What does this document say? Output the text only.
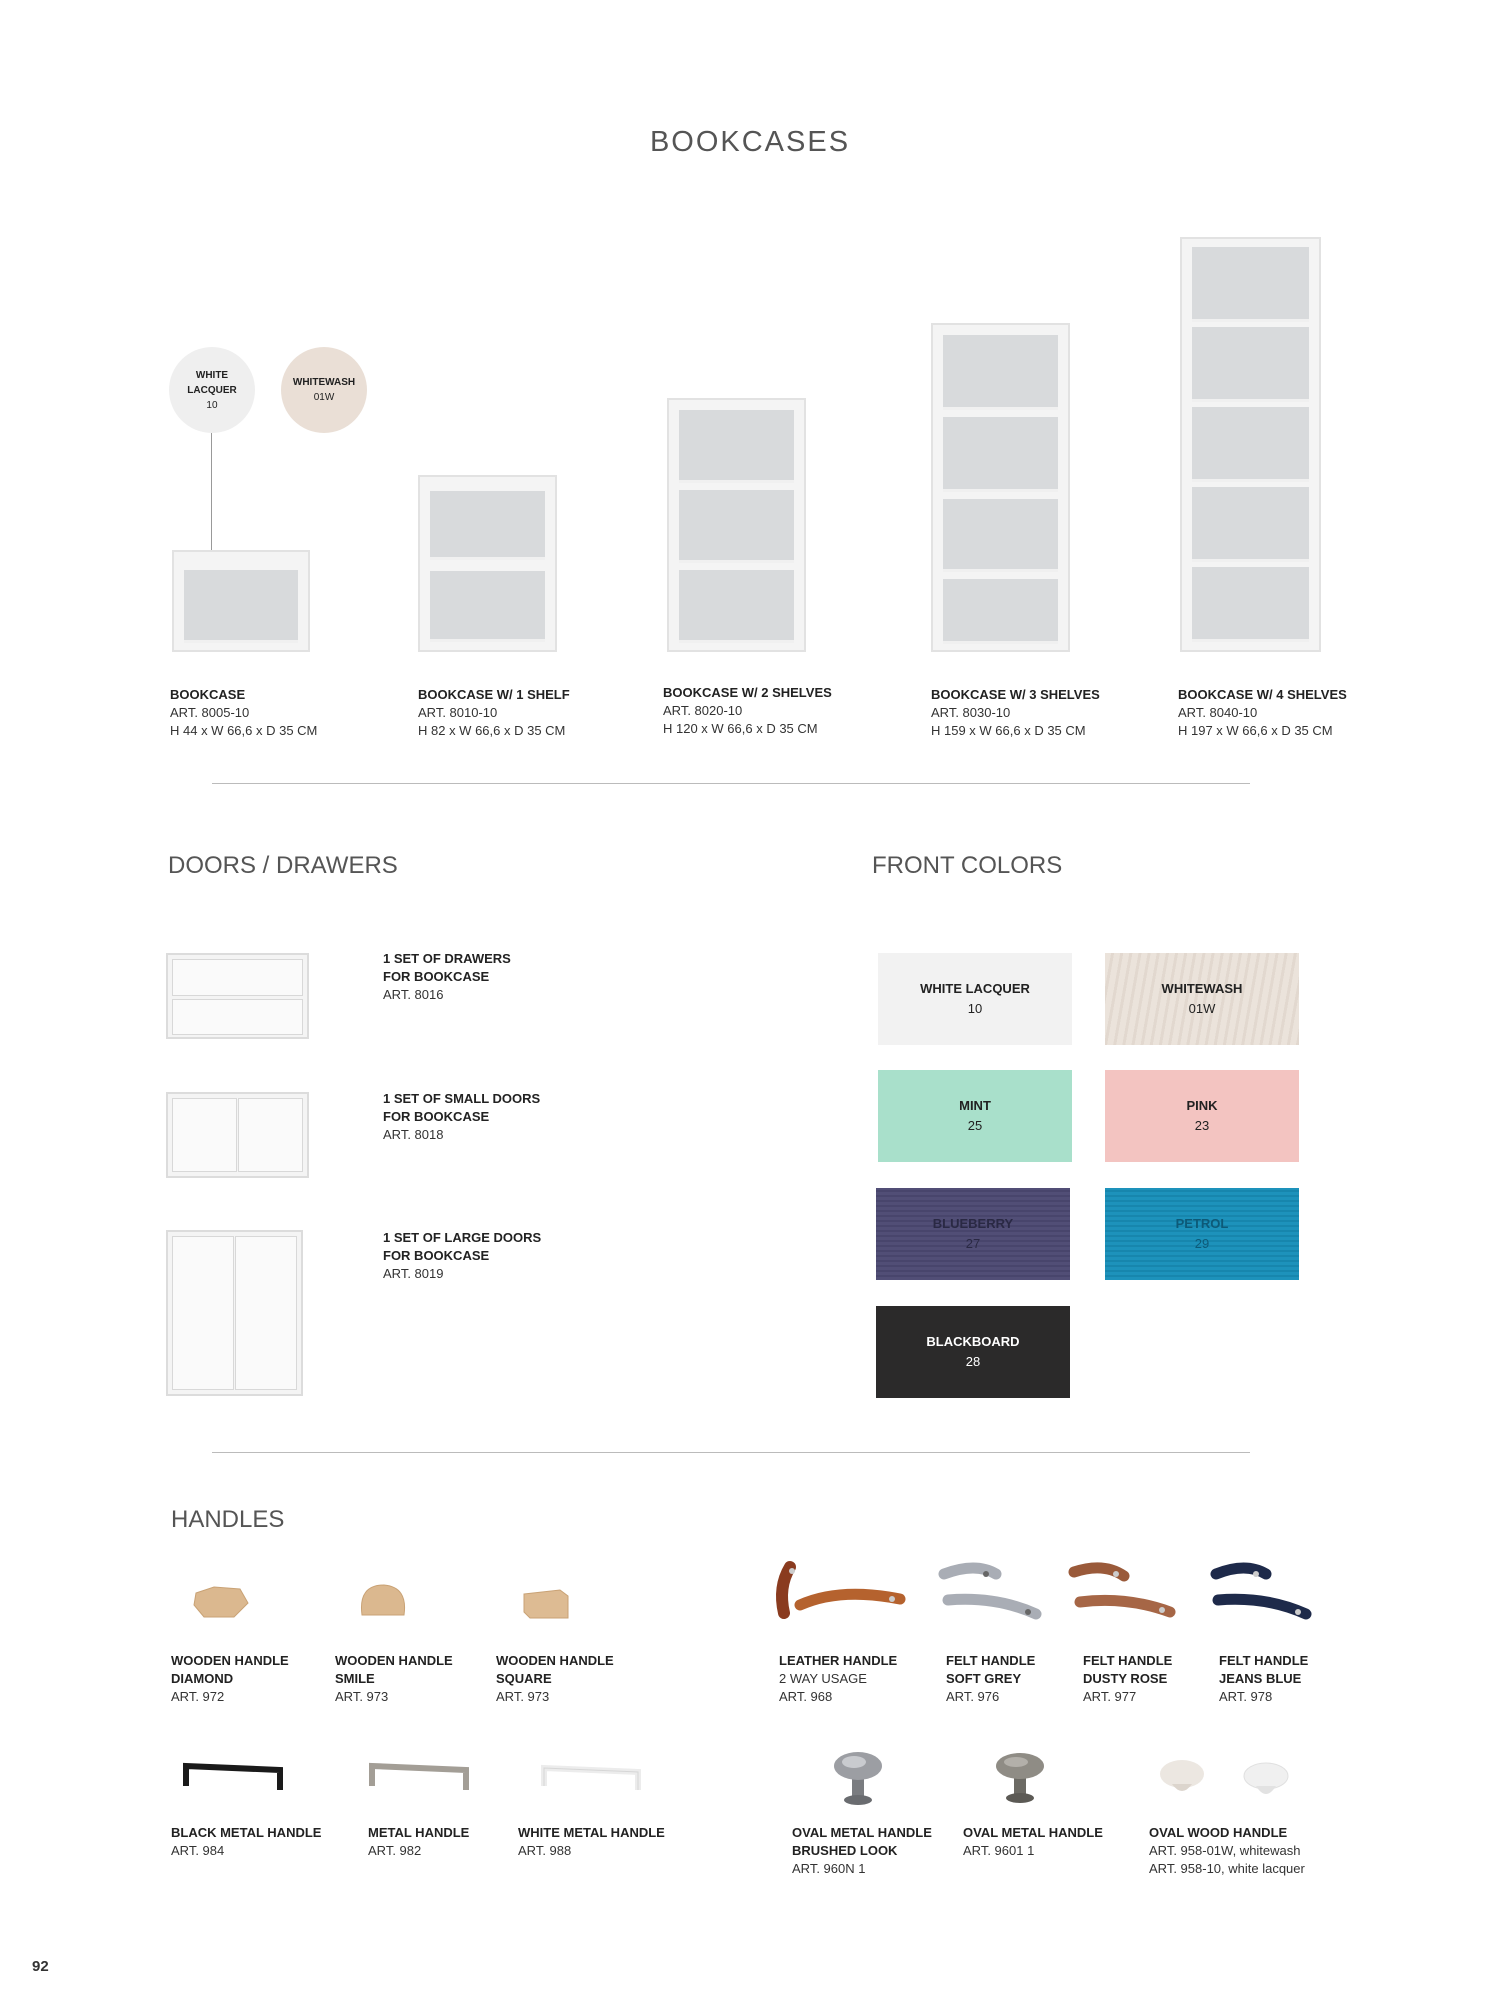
BOOKCASES
WHITE
LACQUER
10
WHITEWASH
01W
BOOKCASE
ART. 8005-10
H 44 x W 66,6 x D 35 CM
BOOKCASE W/ 1 SHELF
ART. 8010-10
H 82 x W 66,6 x D 35 CM
BOOKCASE W/ 2 SHELVES
ART. 8020-10
H 120 x W 66,6 x D 35 CM
BOOKCASE W/ 3 SHELVES
ART. 8030-10
H 159 x W 66,6 x D 35 CM
BOOKCASE W/ 4 SHELVES
ART. 8040-10
H 197 x W 66,6 x D 35 CM
DOORS / DRAWERS	FRONT COLORS
1 SET OF DRAWERS
FOR BOOKCASE
ART. 8016
1 SET OF SMALL DOORS
FOR BOOKCASE
ART. 8018
1 SET OF LARGE DOORS
FOR BOOKCASE
ART. 8019
WHITE LACQUER
10
WHITEWASH
01W
MINT
25
PINK
23
BLUEBERRY
27
PETROL
29
BLACKBOARD
28
HANDLES
WOODEN HANDLE
DIAMOND
ART. 972
WOODEN HANDLE
SMILE
ART. 973
WOODEN HANDLE
SQUARE
ART. 973
LEATHER HANDLE
2 WAY USAGE
ART. 968
FELT HANDLE
SOFT GREY
ART. 976
FELT HANDLE
DUSTY ROSE
ART. 977
FELT HANDLE
JEANS BLUE
ART. 978
BLACK METAL HANDLE
ART. 984
METAL HANDLE
ART. 982
WHITE METAL HANDLE
ART. 988
OVAL METAL HANDLE
BRUSHED LOOK
ART. 960N 1
OVAL METAL HANDLE
ART. 9601 1
OVAL WOOD HANDLE
ART. 958-01W, whitewash
ART. 958-10, white lacquer
92
